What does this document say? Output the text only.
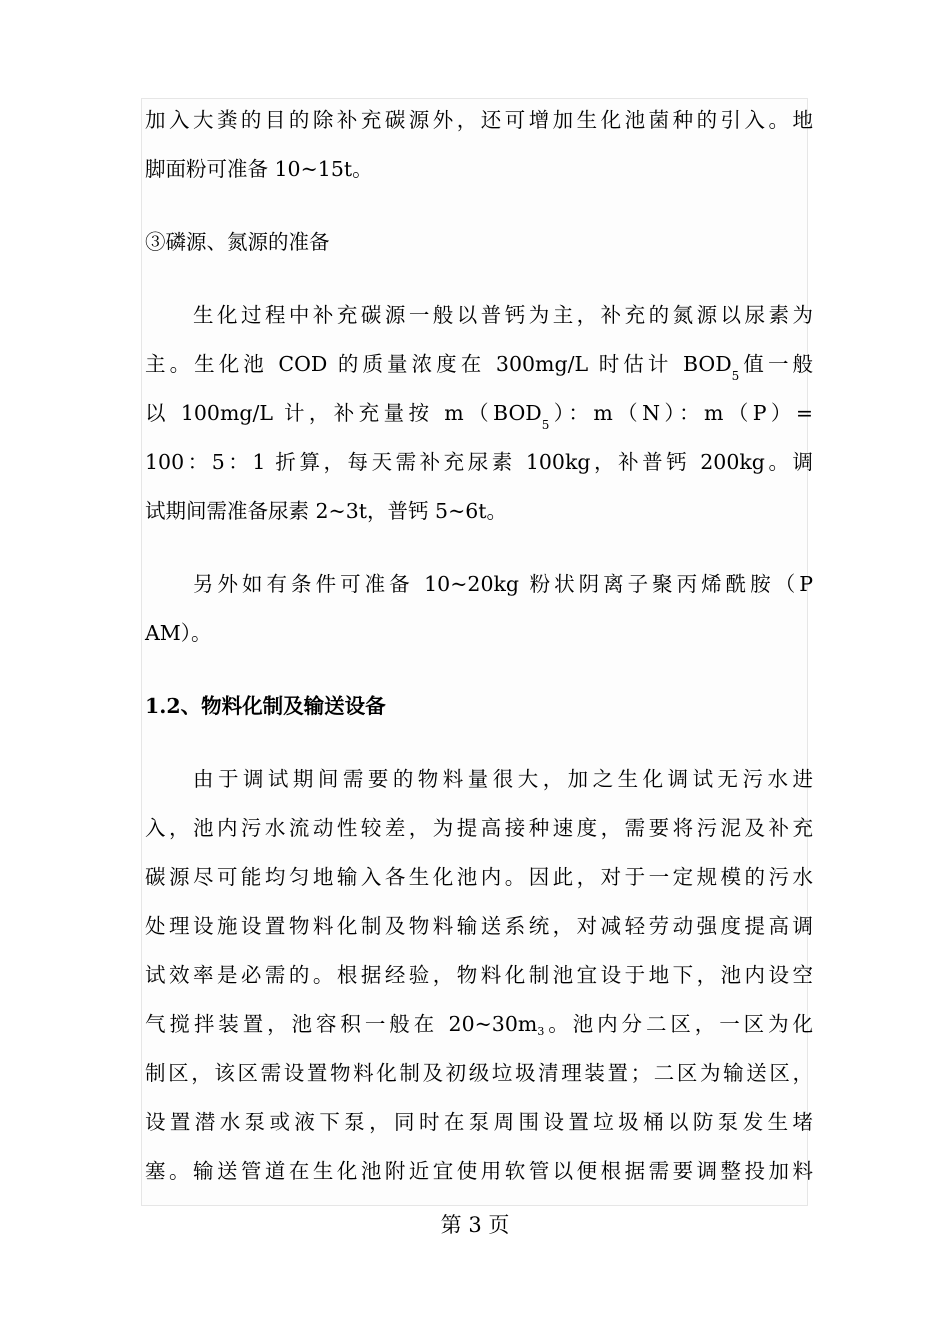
加入大粪的目的除补充碳源外，还可增加生化池菌种的引入。地
脚面粉可准备 10~15t。
③磷源、氮源的准备
生化过程中补充碳源一般以普钙为主，补充的氮源以尿素为
主。生化池 COD 的质量浓度在 300mg/L 时估计 $BOD_5$值一般
以 100mg/L 计，补充量按 $m(BOD_5)$：m（N）：m（P）=
100：5：1 折算，每天需补充尿素 100kg，补普钙 200kg。调
试期间需准备尿素 2~3t，普钙 5~6t。
另外如有条件可准备 10~20kg 粉状阴离子聚丙烯酰胺（P
AM）。
1.2、物料化制及输送设备
由于调试期间需要的物料量很大，加之生化调试无污水进
入，池内污水流动性较差，为提高接种速度，需要将污泥及补充
碳源尽可能均匀地输入各生化池内。因此，对于一定规模的污水
处理设施设置物料化制及物料输送系统，对减轻劳动强度提高调
试效率是必需的。根据经验，物料化制池宜设于地下，池内设空
气搅拌装置，池容积一般在 $20\sim 30m_3$。池内分二区，一区为化
制区，该区需设置物料化制及初级垃圾清理装置；二区为输送区，
设置潜水泵或液下泵，同时在泵周围设置垃圾桶以防泵发生堵
塞。输送管道在生化池附近宜使用软管以便根据需要调整投加料
第 3 页
